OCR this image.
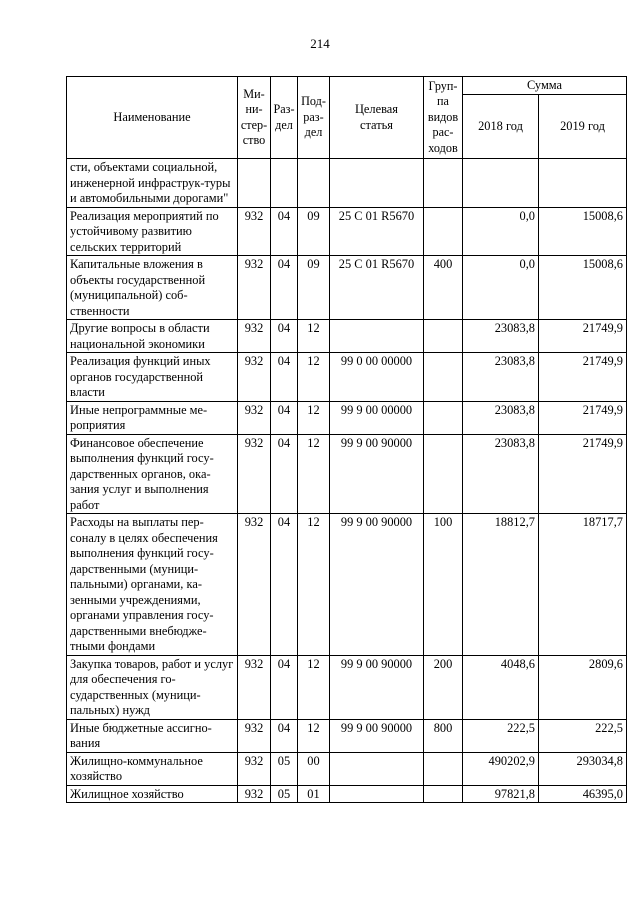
214
Наименование	Ми-
ни-
стер-
ство	Раз-
дел	Под-
раз-
дел	Целевая
статья	Груп-
па
видов
рас-
ходов	Сумма	
						2018 год	2019 год
сти, объектами социальной, инженерной инфраструк-туры и автомобильными дорогами"							
Реализация мероприятий по устойчивому развитию сельских территорий	932	04	09	25 С 01 R5670		0,0	15008,6
Капитальные вложения в объекты государственной (муниципальной) соб-ственности	932	04	09	25 С 01 R5670	400	0,0	15008,6
Другие вопросы в области национальной экономики	932	04	12			23083,8	21749,9
Реализация функций иных органов государственной власти	932	04	12	99 0 00 00000		23083,8	21749,9
Иные непрограммные ме-роприятия	932	04	12	99 9 00 00000		23083,8	21749,9
Финансовое обеспечение выполнения функций госу-дарственных органов, ока-зания услуг и выполнения работ	932	04	12	99 9 00 90000		23083,8	21749,9
Расходы на выплаты пер-соналу в целях обеспечения выполнения функций госу-дарственными (муници-пальными) органами, ка-зенными учреждениями, органами управления госу-дарственными внебюдже-тными фондами	932	04	12	99 9 00 90000	100	18812,7	18717,7
Закупка товаров, работ и услуг для обеспечения го-сударственных (муници-пальных) нужд	932	04	12	99 9 00 90000	200	4048,6	2809,6
Иные бюджетные ассигно-вания	932	04	12	99 9 00 90000	800	222,5	222,5
Жилищно-коммунальное хозяйство	932	05	00			490202,9	293034,8
Жилищное хозяйство	932	05	01			97821,8	46395,0
